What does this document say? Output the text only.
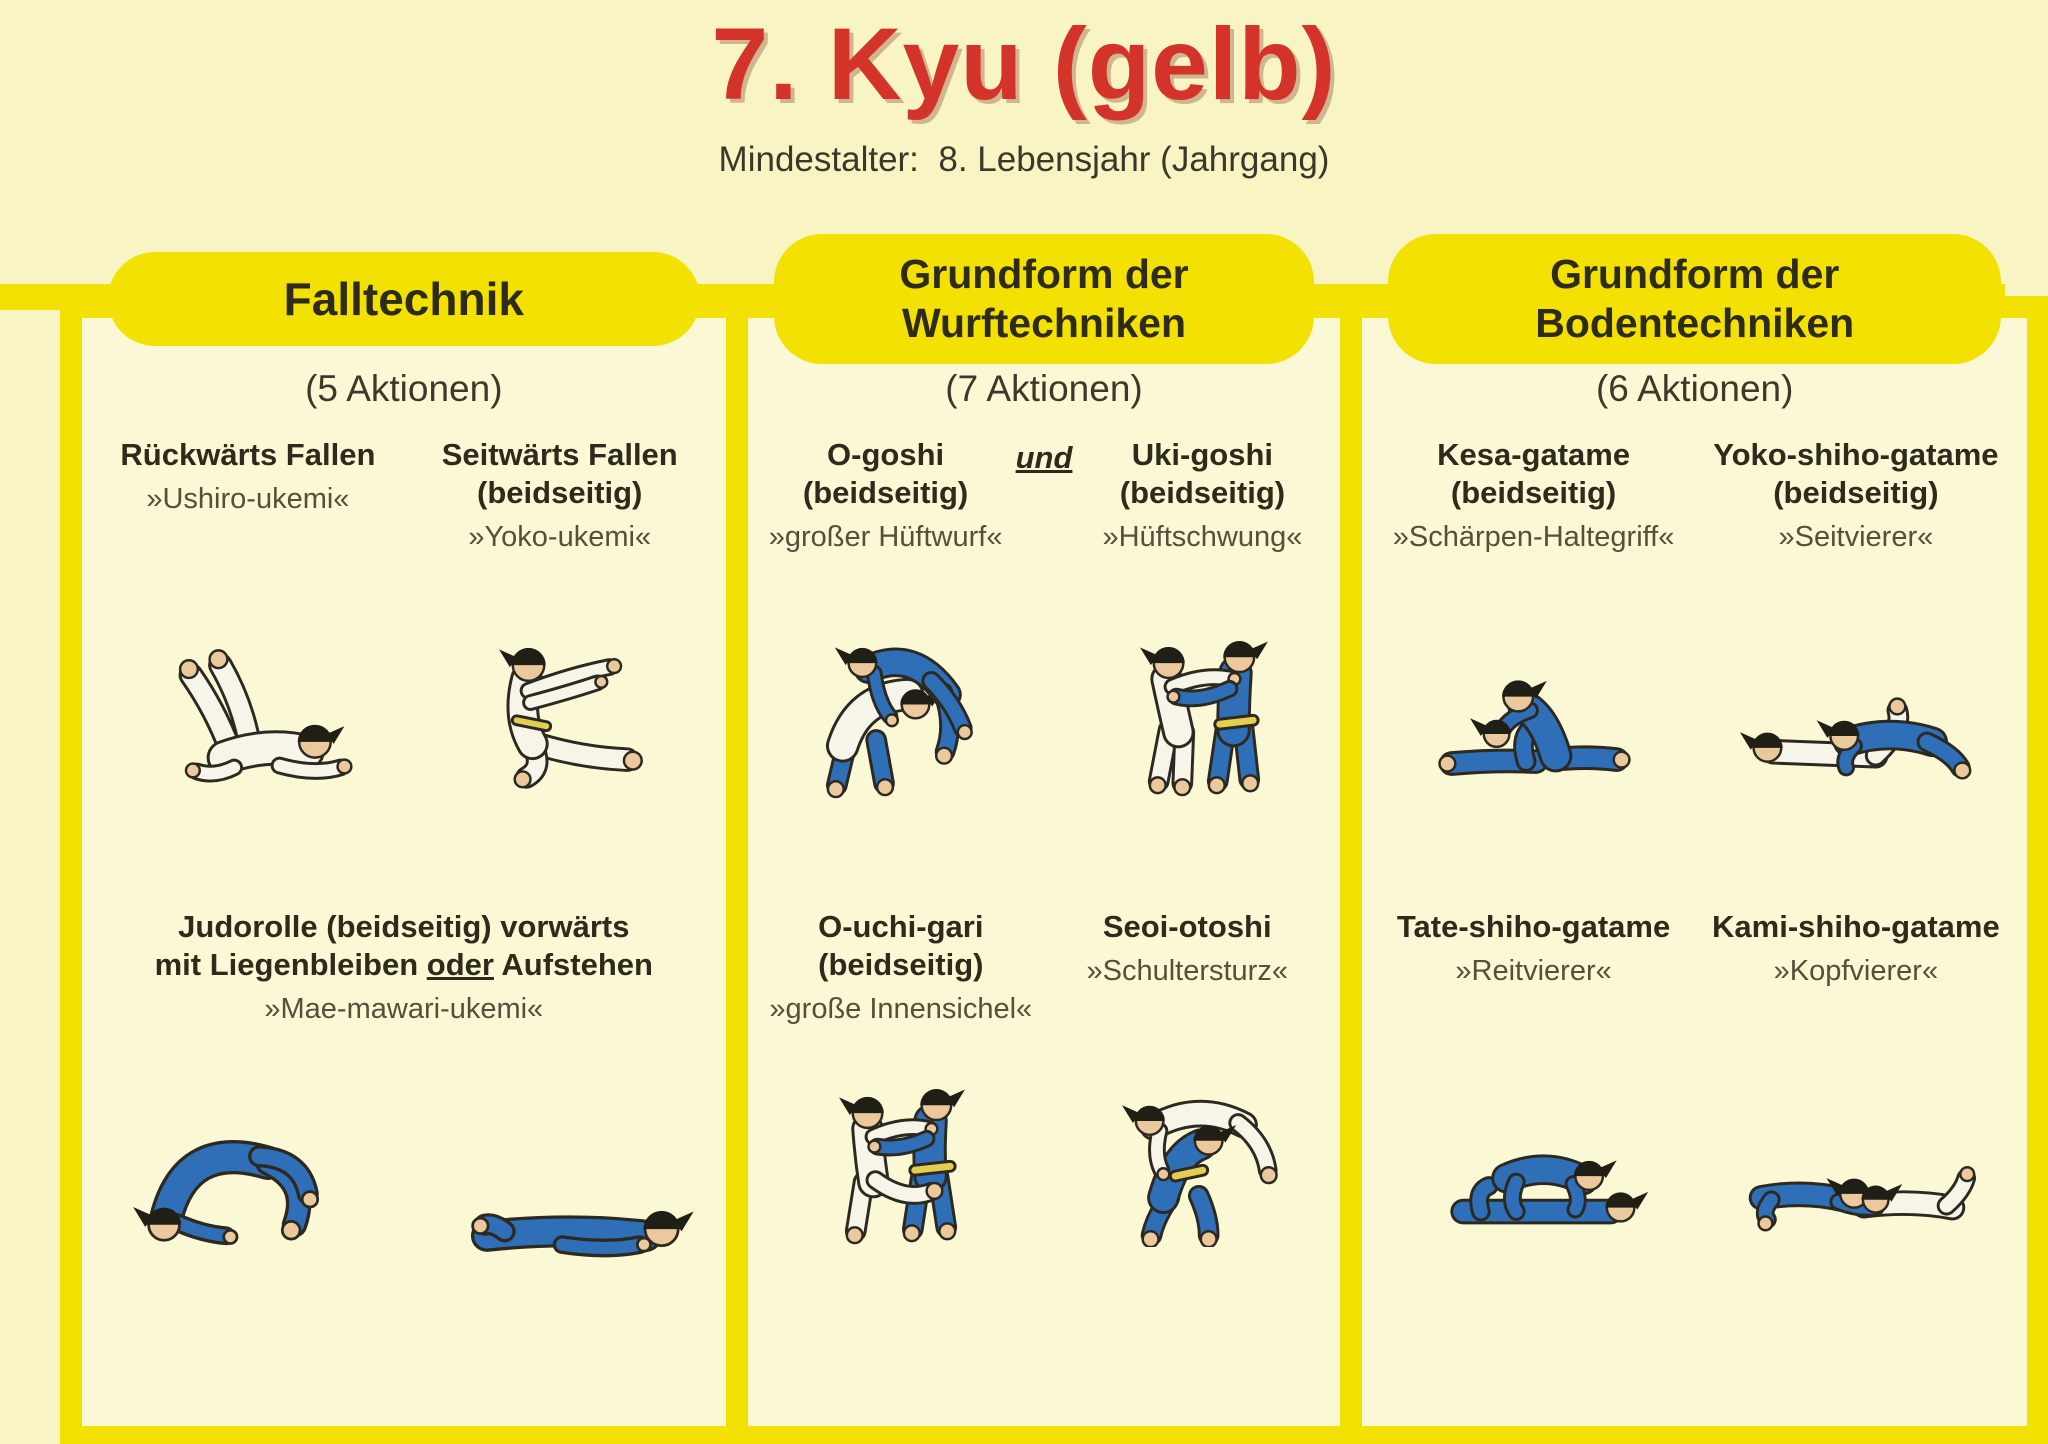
7. Kyu (gelb)
Mindestalter:  8. Lebensjahr (Jahrgang)
Falltechnik
(5 Aktionen)
Rückwärts Fallen
»Ushiro-ukemi«
Seitwärts Fallen
(beidseitig)
»Yoko-ukemi«
Judorolle (beidseitig) vorwärts
mit Liegenbleiben oder Aufstehen
»Mae-mawari-ukemi«
Grundform der
Wurftechniken
(7 Aktionen)
O-goshi
(beidseitig)
»großer Hüftwurf«
und	Uki-goshi
(beidseitig)
»Hüftschwung«
O-uchi-gari
(beidseitig)
»große Innensichel«
Seoi-otoshi
»Schultersturz«
Grundform der
Bodentechniken
(6 Aktionen)
Kesa-gatame
(beidseitig)
»Schärpen-Haltegriff«
Yoko-shiho-gatame
(beidseitig)
»Seitvierer«
Tate-shiho-gatame
»Reitvierer«
Kami-shiho-gatame
»Kopfvierer«
